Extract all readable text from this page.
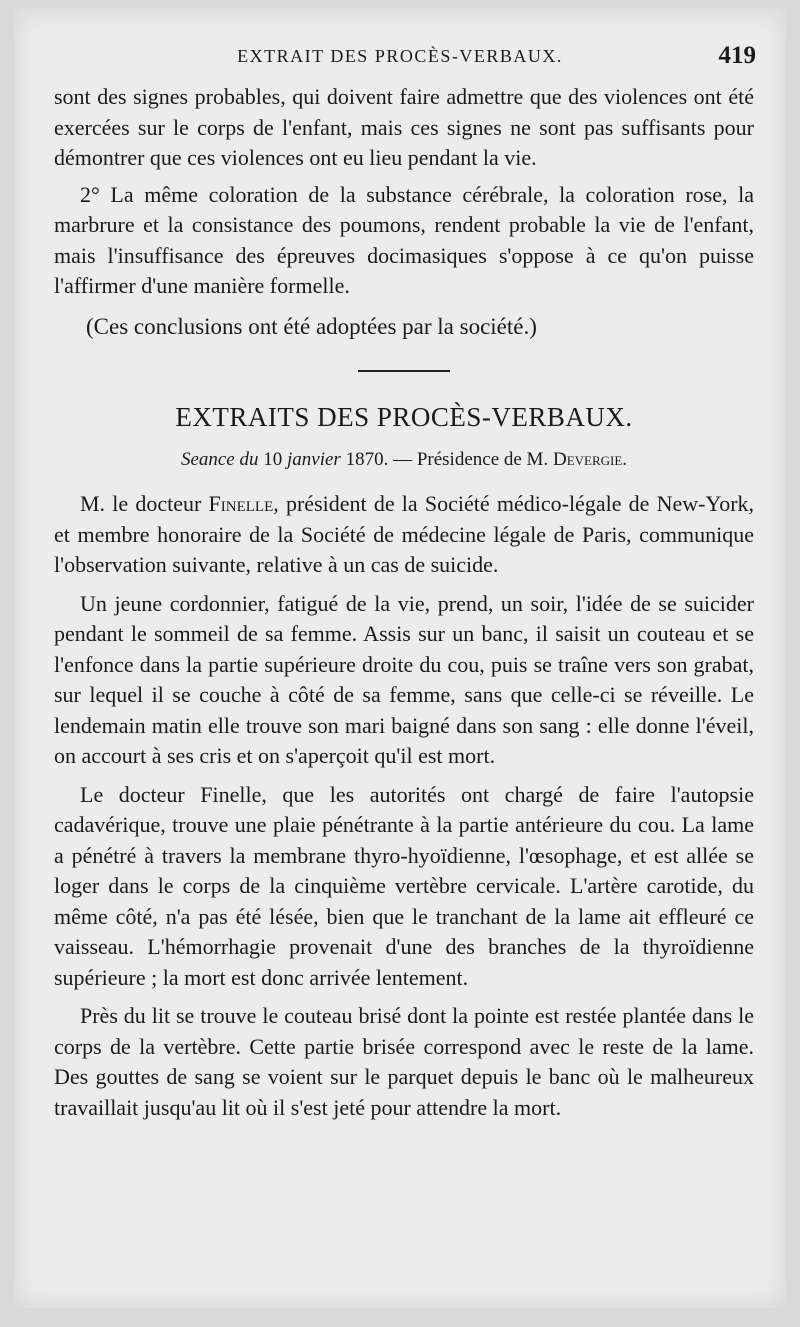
EXTRAIT DES PROCÈS-VERBAUX.	419

sont des signes probables, qui doivent faire admettre que des violences ont été exercées sur le corps de l'enfant, mais ces signes ne sont pas suffisants pour démontrer que ces violences ont eu lieu pendant la vie.

2° La même coloration de la substance cérébrale, la coloration rose, la marbrure et la consistance des poumons, rendent probable la vie de l'enfant, mais l'insuffisance des épreuves docimasiques s'oppose à ce qu'on puisse l'affirmer d'une manière formelle.

(Ces conclusions ont été adoptées par la société.)

EXTRAITS DES PROCÈS-VERBAUX.
Seance du 10 janvier 1870. — Présidence de M. Devergie.

M. le docteur Finelle, président de la Société médico-légale de New-York, et membre honoraire de la Société de médecine légale de Paris, communique l'observation suivante, relative à un cas de suicide.

Un jeune cordonnier, fatigué de la vie, prend, un soir, l'idée de se suicider pendant le sommeil de sa femme. Assis sur un banc, il saisit un couteau et se l'enfonce dans la partie supérieure droite du cou, puis se traîne vers son grabat, sur lequel il se couche à côté de sa femme, sans que celle-ci se réveille. Le lendemain matin elle trouve son mari baigné dans son sang : elle donne l'éveil, on accourt à ses cris et on s'aperçoit qu'il est mort.

Le docteur Finelle, que les autorités ont chargé de faire l'autopsie cadavérique, trouve une plaie pénétrante à la partie antérieure du cou. La lame a pénétré à travers la membrane thyro-hyoïdienne, l'œsophage, et est allée se loger dans le corps de la cinquième vertèbre cervicale. L'artère carotide, du même côté, n'a pas été lésée, bien que le tranchant de la lame ait effleuré ce vaisseau. L'hémorrhagie provenait d'une des branches de la thyroïdienne supérieure ; la mort est donc arrivée lentement.

Près du lit se trouve le couteau brisé dont la pointe est restée plantée dans le corps de la vertèbre. Cette partie brisée correspond avec le reste de la lame. Des gouttes de sang se voient sur le parquet depuis le banc où le malheureux travaillait jusqu'au lit où il s'est jeté pour attendre la mort.
